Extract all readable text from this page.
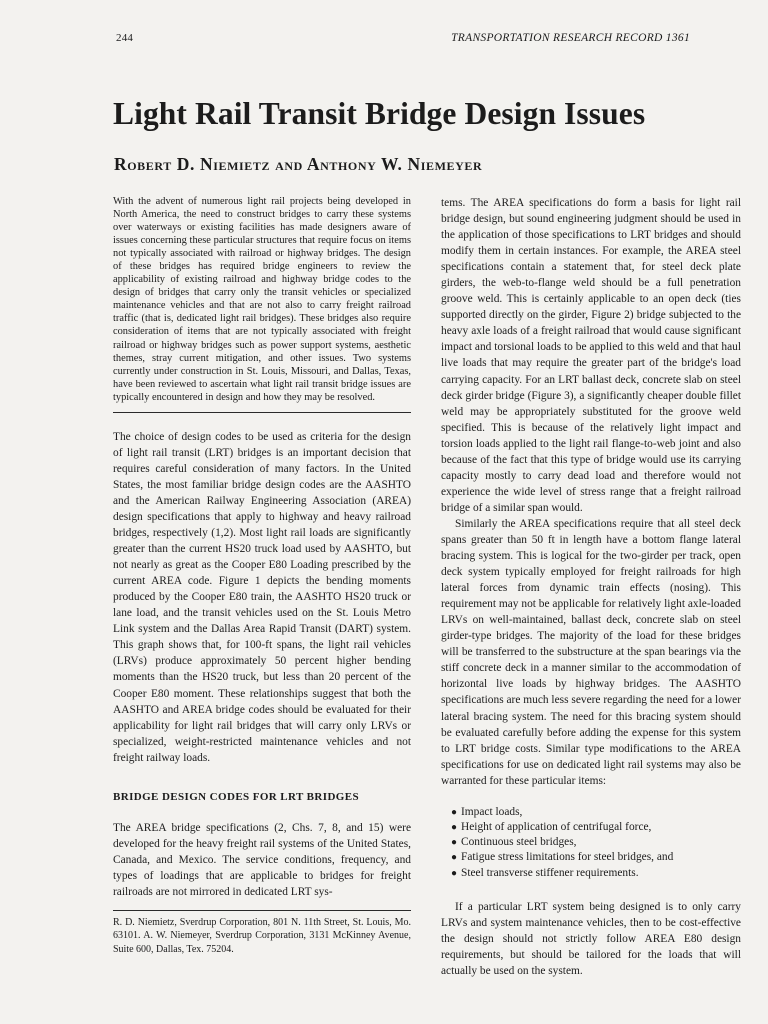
244	TRANSPORTATION RESEARCH RECORD 1361
Light Rail Transit Bridge Design Issues
Robert D. Niemietz and Anthony W. Niemeyer

With the advent of numerous light rail projects being developed in North America, the need to construct bridges to carry these systems over waterways or existing facilities has made designers aware of issues concerning these particular structures that require focus on items not typically associated with railroad or highway bridges. The design of these bridges has required bridge engineers to review the applicability of existing railroad and highway bridge codes to the design of bridges that carry only the transit vehicles or specialized maintenance vehicles and that are not also to carry freight railroad traffic (that is, dedicated light rail bridges). These bridges also require consideration of items that are not typically associated with freight railroad or highway bridges such as power support systems, aesthetic themes, stray current mitigation, and other issues. Two systems currently under construction in St. Louis, Missouri, and Dallas, Texas, have been reviewed to ascertain what light rail transit bridge issues are typically encountered in design and how they may be resolved.

The choice of design codes to be used as criteria for the design of light rail transit (LRT) bridges is an important decision that requires careful consideration of many factors. In the United States, the most familiar bridge design codes are the AASHTO and the American Railway Engineering Association (AREA) design specifications that apply to highway and heavy railroad bridges, respectively (1,2). Most light rail loads are significantly greater than the current HS20 truck load used by AASHTO, but not nearly as great as the Cooper E80 Loading prescribed by the current AREA code. Figure 1 depicts the bending moments produced by the Cooper E80 train, the AASHTO HS20 truck or lane load, and the transit vehicles used on the St. Louis Metro Link system and the Dallas Area Rapid Transit (DART) system. This graph shows that, for 100-ft spans, the light rail vehicles (LRVs) produce approximately 50 percent higher bending moments than the HS20 truck, but less than 20 percent of the Cooper E80 moment. These relationships suggest that both the AASHTO and AREA bridge codes should be evaluated for their applicability for light rail bridges that will carry only LRVs or specialized, weight-restricted maintenance vehicles and not freight railway loads.

BRIDGE DESIGN CODES FOR LRT BRIDGES

The AREA bridge specifications (2, Chs. 7, 8, and 15) were developed for the heavy freight rail systems of the United States, Canada, and Mexico. The service conditions, frequency, and types of loadings that are applicable to bridges for freight railroads are not mirrored in dedicated LRT sys-

R. D. Niemietz, Sverdrup Corporation, 801 N. 11th Street, St. Louis, Mo. 63101. A. W. Niemeyer, Sverdrup Corporation, 3131 McKinney Avenue, Suite 600, Dallas, Tex. 75204.

tems. The AREA specifications do form a basis for light rail bridge design, but sound engineering judgment should be used in the application of those specifications to LRT bridges and should modify them in certain instances. For example, the AREA steel specifications contain a statement that, for steel deck plate girders, the web-to-flange weld should be a full penetration groove weld. This is certainly applicable to an open deck (ties supported directly on the girder, Figure 2) bridge subjected to the heavy axle loads of a freight railroad that would cause significant impact and torsional loads to be applied to this weld and that haul live loads that may require the greater part of the bridge's load carrying capacity. For an LRT ballast deck, concrete slab on steel deck girder bridge (Figure 3), a significantly cheaper double fillet weld may be appropriately substituted for the groove weld specified. This is because of the relatively light impact and torsion loads applied to the light rail flange-to-web joint and also because of the fact that this type of bridge would use its carrying capacity mostly to carry dead load and therefore would not experience the wide level of stress range that a freight railroad bridge of a similar span would.

Similarly the AREA specifications require that all steel deck spans greater than 50 ft in length have a bottom flange lateral bracing system. This is logical for the two-girder per track, open deck system typically employed for freight railroads for high lateral forces from dynamic train effects (nosing). This requirement may not be applicable for relatively light axle-loaded LRVs on well-maintained, ballast deck, concrete slab on steel girder-type bridges. The majority of the load for these bridges will be transferred to the substructure at the span bearings via the stiff concrete deck in a manner similar to the accommodation of horizontal live loads by highway bridges. The AASHTO specifications are much less severe regarding the need for a lower lateral bracing system. The need for this bracing system should be evaluated carefully before adding the expense for this system to LRT bridge costs. Similar type modifications to the AREA specifications for use on dedicated light rail systems may also be warranted for these particular items:

● Impact loads,
● Height of application of centrifugal force,
● Continuous steel bridges,
● Fatigue stress limitations for steel bridges, and
● Steel transverse stiffener requirements.

If a particular LRT system being designed is to only carry LRVs and system maintenance vehicles, then to be cost-effective the design should not strictly follow AREA E80 design requirements, but should be tailored for the loads that will actually be used on the system.
